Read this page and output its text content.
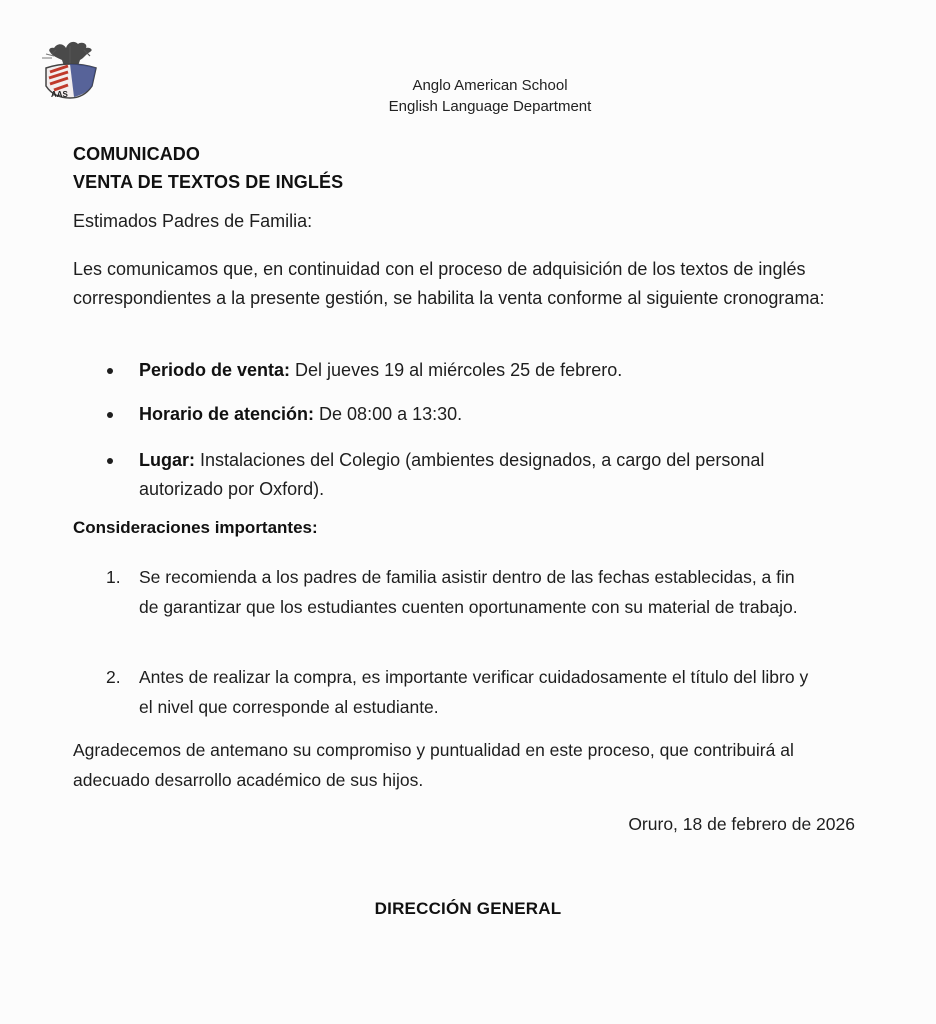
AAS
Anglo American School
English Language Department
COMUNICADO
VENTA DE TEXTOS DE INGLÉS
Estimados Padres de Familia:

Les comunicamos que, en continuidad con el proceso de adquisición de los textos de inglés correspondientes a la presente gestión, se habilita la venta conforme al siguiente cronograma:

Periodo de venta: Del jueves 19 al miércoles 25 de febrero.
Horario de atención: De 08:00 a 13:30.
Lugar: Instalaciones del Colegio (ambientes designados, a cargo del personal autorizado por Oxford).
Consideraciones importantes:
1. Se recomienda a los padres de familia asistir dentro de las fechas establecidas, a fin de garantizar que los estudiantes cuenten oportunamente con su material de trabajo.
2. Antes de realizar la compra, es importante verificar cuidadosamente el título del libro y el nivel que corresponde al estudiante.

Agradecemos de antemano su compromiso y puntualidad en este proceso, que contribuirá al adecuado desarrollo académico de sus hijos.

Oruro, 18 de febrero de 2026
DIRECCIÓN GENERAL
